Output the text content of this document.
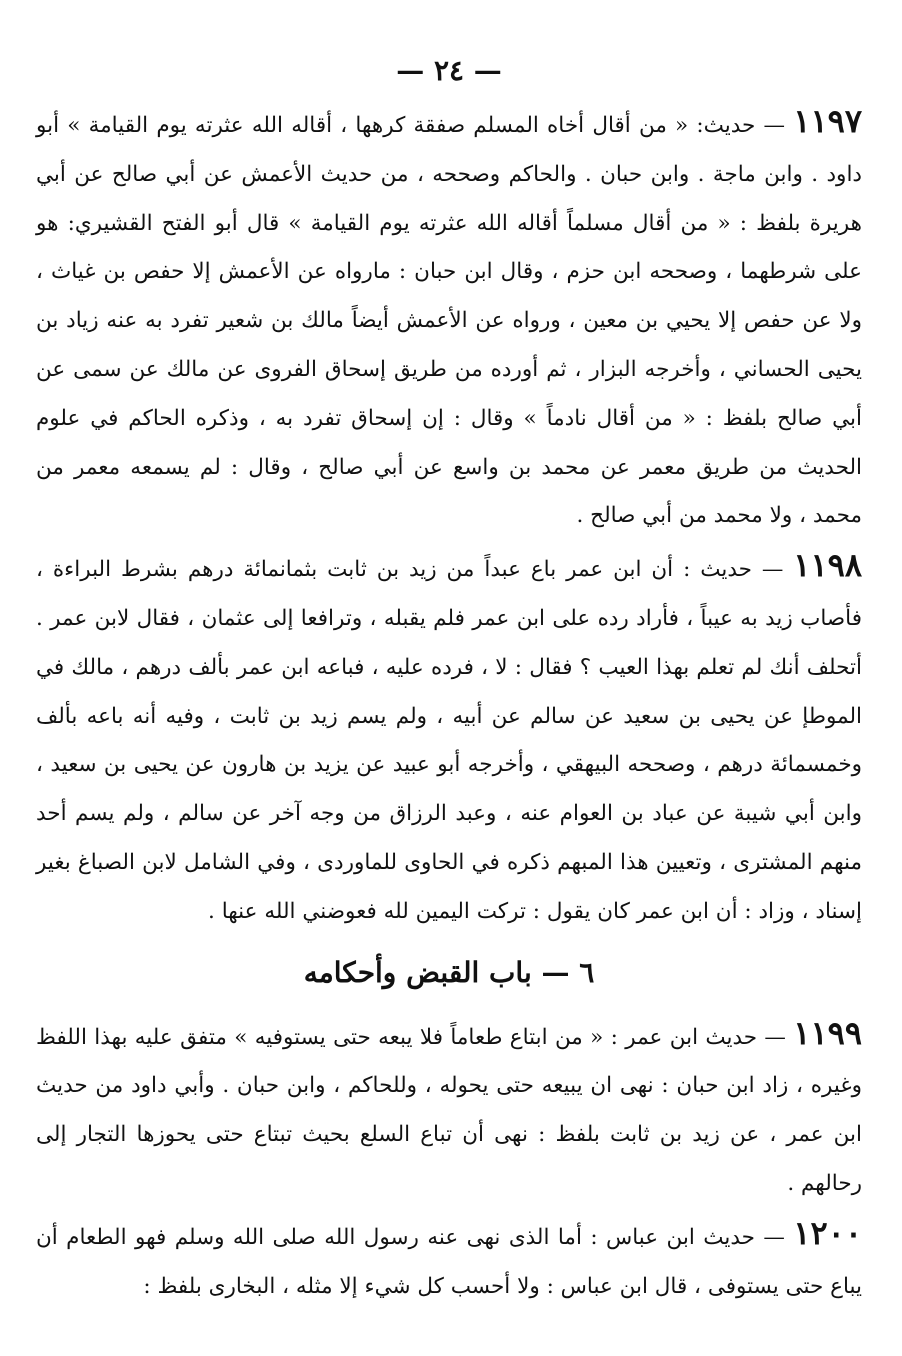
— ٢٤ —

١١٩٧ — حديث: « من أقال أخاه المسلم صفقة كرهها ، أقاله الله عثرته يوم القيامة » أبو داود . وابن ماجة . وابن حبان . والحاكم وصححه ، من حديث الأعمش عن أبي صالح عن أبي هريرة بلفظ : « من أقال مسلماً أقاله الله عثرته يوم القيامة » قال أبو الفتح القشيري: هو على شرطهما ، وصححه ابن حزم ، وقال ابن حبان : مارواه عن الأعمش إلا حفص بن غياث ، ولا عن حفص إلا يحيي بن معين ، ورواه عن الأعمش أيضاً مالك بن شعير تفرد به عنه زياد بن يحيى الحساني ، وأخرجه البزار ، ثم أورده من طريق إسحاق الفروى عن مالك عن سمى عن أبي صالح بلفظ : « من أقال نادماً » وقال : إن إسحاق تفرد به ، وذكره الحاكم في علوم الحديث من طريق معمر عن محمد بن واسع عن أبي صالح ، وقال : لم يسمعه معمر من محمد ، ولا محمد من أبي صالح .

١١٩٨ — حديث : أن ابن عمر باع عبداً من زيد بن ثابت بثمانمائة درهم بشرط البراءة ، فأصاب زيد به عيباً ، فأراد رده على ابن عمر فلم يقبله ، وترافعا إلى عثمان ، فقال لابن عمر . أتحلف أنك لم تعلم بهذا العيب ؟ فقال : لا ، فرده عليه ، فباعه ابن عمر بألف درهم ، مالك في الموطإ عن يحيى بن سعيد عن سالم عن أبيه ، ولم يسم زيد بن ثابت ، وفيه أنه باعه بألف وخمسمائة درهم ، وصححه البيهقي ، وأخرجه أبو عبيد عن يزيد بن هارون عن يحيى بن سعيد ، وابن أبي شيبة عن عباد بن العوام عنه ، وعبد الرزاق من وجه آخر عن سالم ، ولم يسم أحد منهم المشترى ، وتعيين هذا المبهم ذكره في الحاوى للماوردى ، وفي الشامل لابن الصباغ بغير إسناد ، وزاد : أن ابن عمر كان يقول : تركت اليمين لله فعوضني الله عنها .

٦ — باب القبض وأحكامه

١١٩٩ — حديث ابن عمر : « من ابتاع طعاماً فلا يبعه حتى يستوفيه » متفق عليه بهذا اللفظ وغيره ، زاد ابن حبان : نهى ان يبيعه حتى يحوله ، وللحاكم ، وابن حبان . وأبي داود من حديث ابن عمر ، عن زيد بن ثابت بلفظ : نهى أن تباع السلع بحيث تبتاع حتى يحوزها التجار إلى رحالهم .

١٢٠٠ — حديث ابن عباس : أما الذى نهى عنه رسول الله صلى الله وسلم فهو الطعام أن يباع حتى يستوفى ، قال ابن عباس : ولا أحسب كل شيء إلا مثله ، البخارى بلفظ :
